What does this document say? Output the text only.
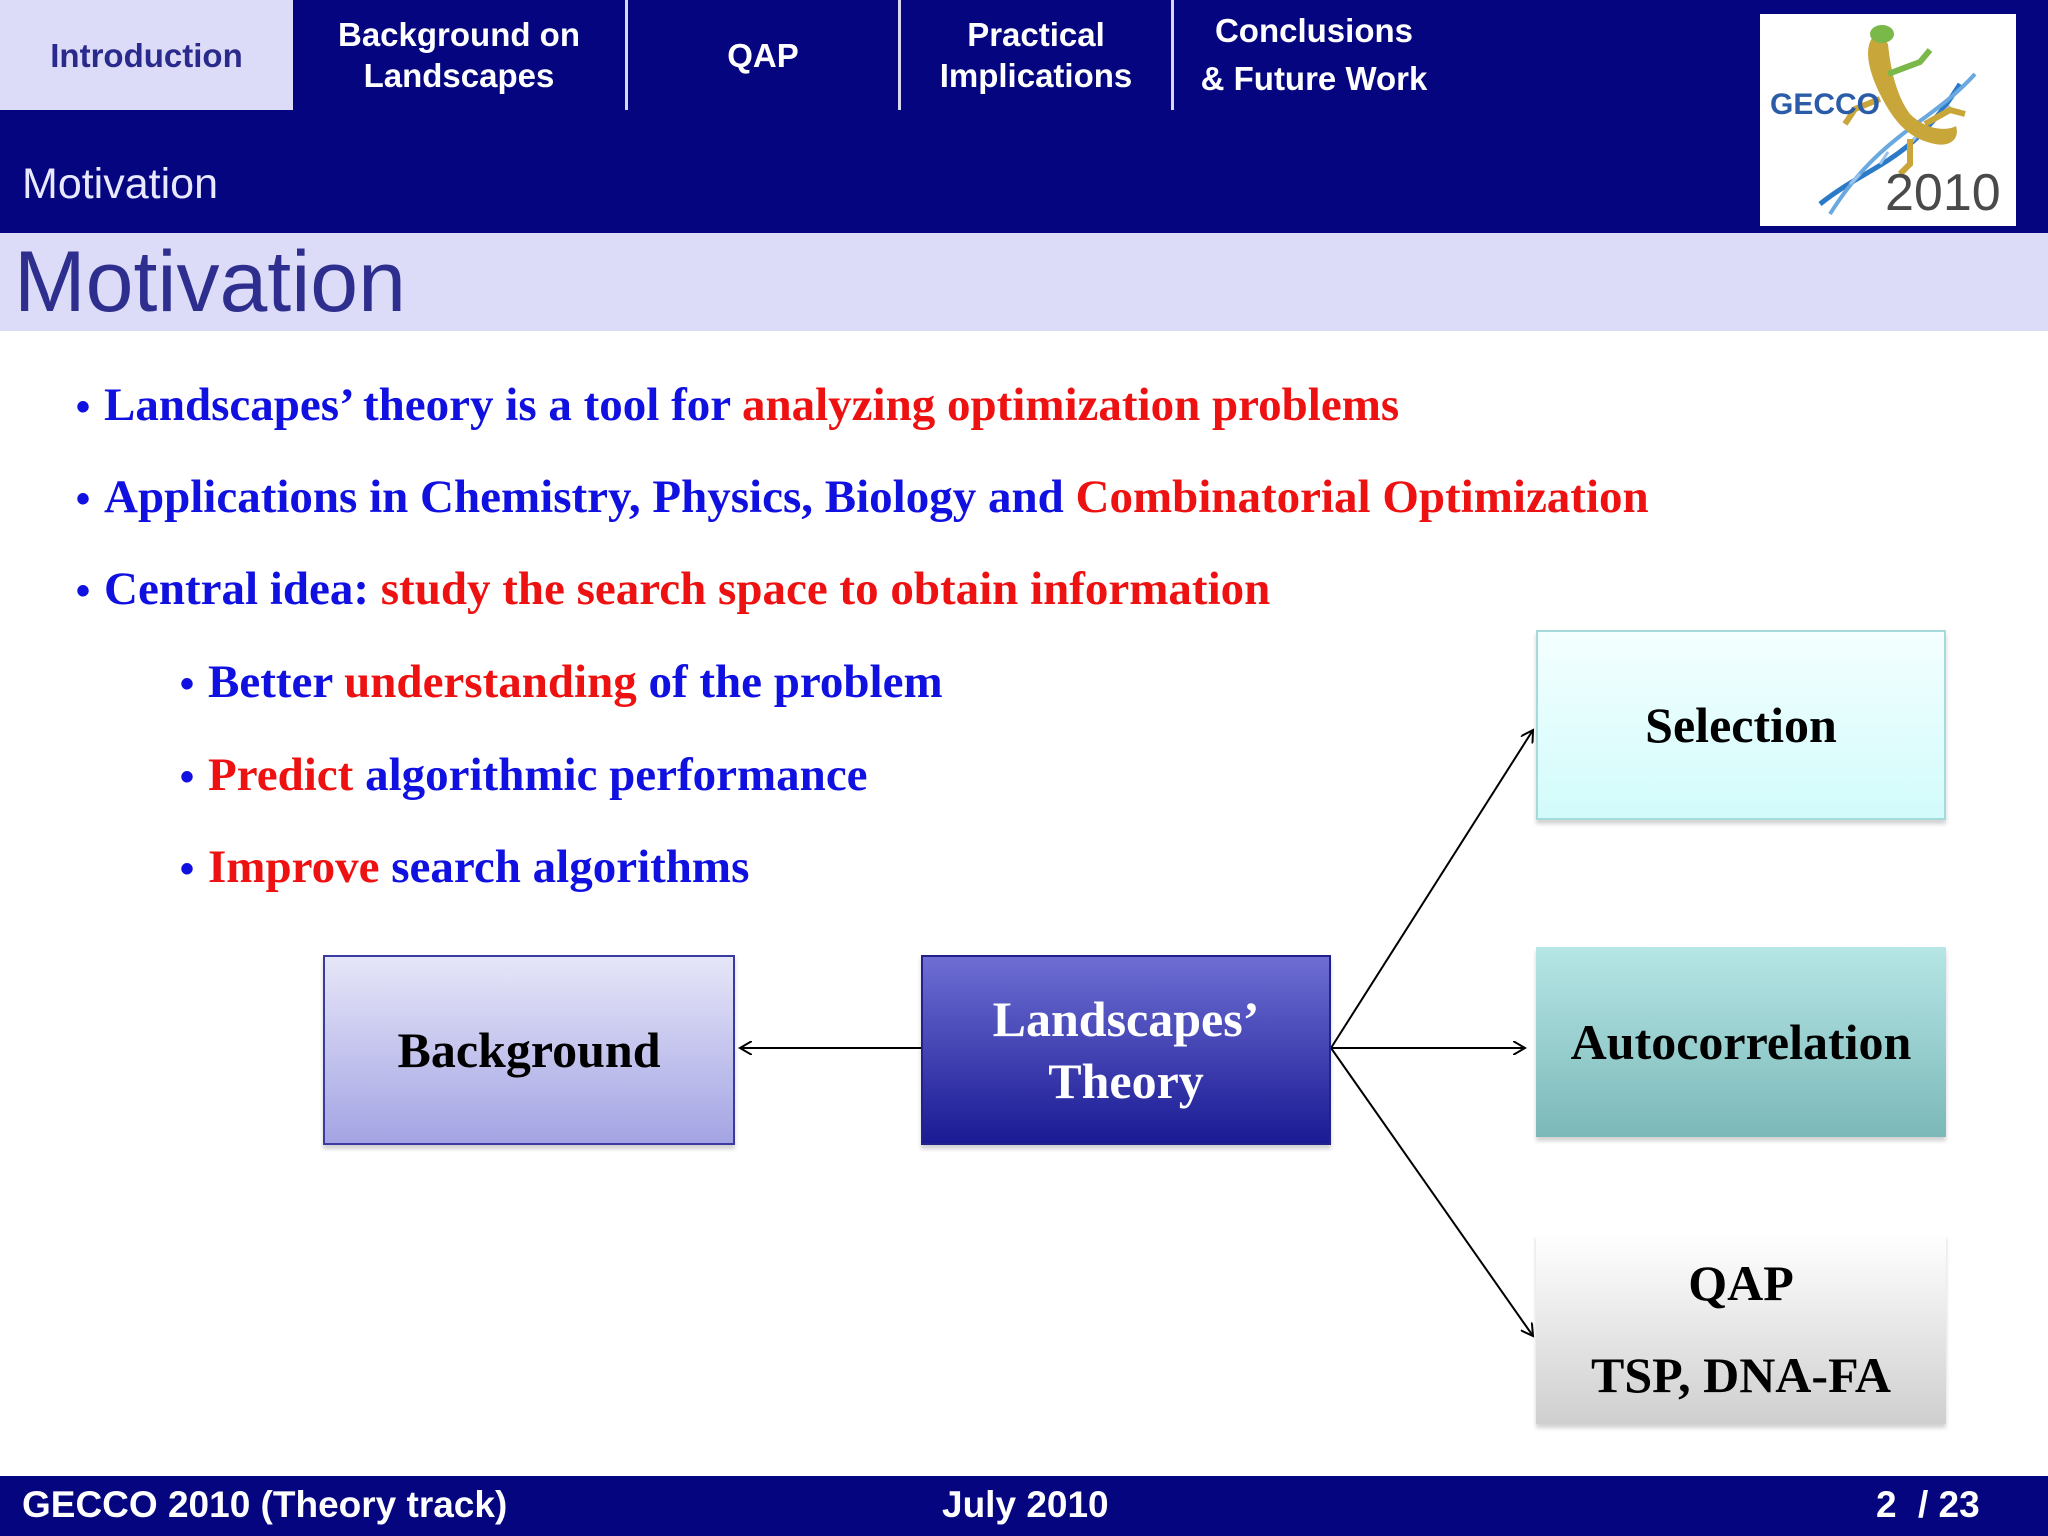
Introduction
Background on
Landscapes
QAP
Practical
Implications
Conclusions
& Future Work
Motivation
GECCO
2010
Motivation
• Landscapes’ theory is a tool for analyzing optimization problems
• Applications in Chemistry, Physics, Biology and Combinatorial Optimization
• Central idea: study the search space to obtain information
• Better understanding of the problem
• Predict algorithmic performance
• Improve search algorithms
Background
Landscapes’
Theory
Selection
Autocorrelation
QAP
TSP, DNA-FA
GECCO 2010 (Theory track)	July 2010	2 / 23
